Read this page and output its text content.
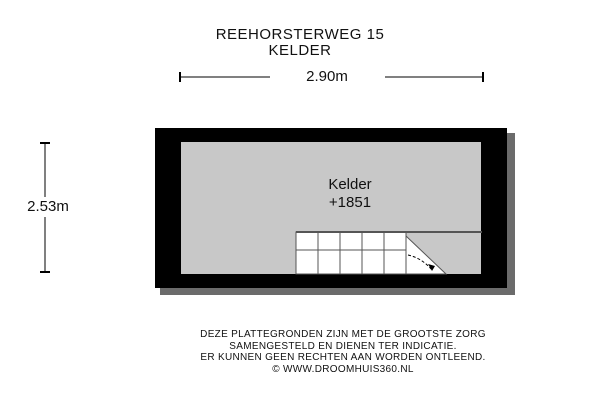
REEHORSTERWEG 15
KELDER
2.90m
2.53m
Kelder
+1851
DEZE PLATTEGRONDEN ZIJN MET DE GROOTSTE ZORG
SAMENGESTELD EN DIENEN TER INDICATIE.
ER KUNNEN GEEN RECHTEN AAN WORDEN ONTLEEND.
© WWW.DROOMHUIS360.NL
